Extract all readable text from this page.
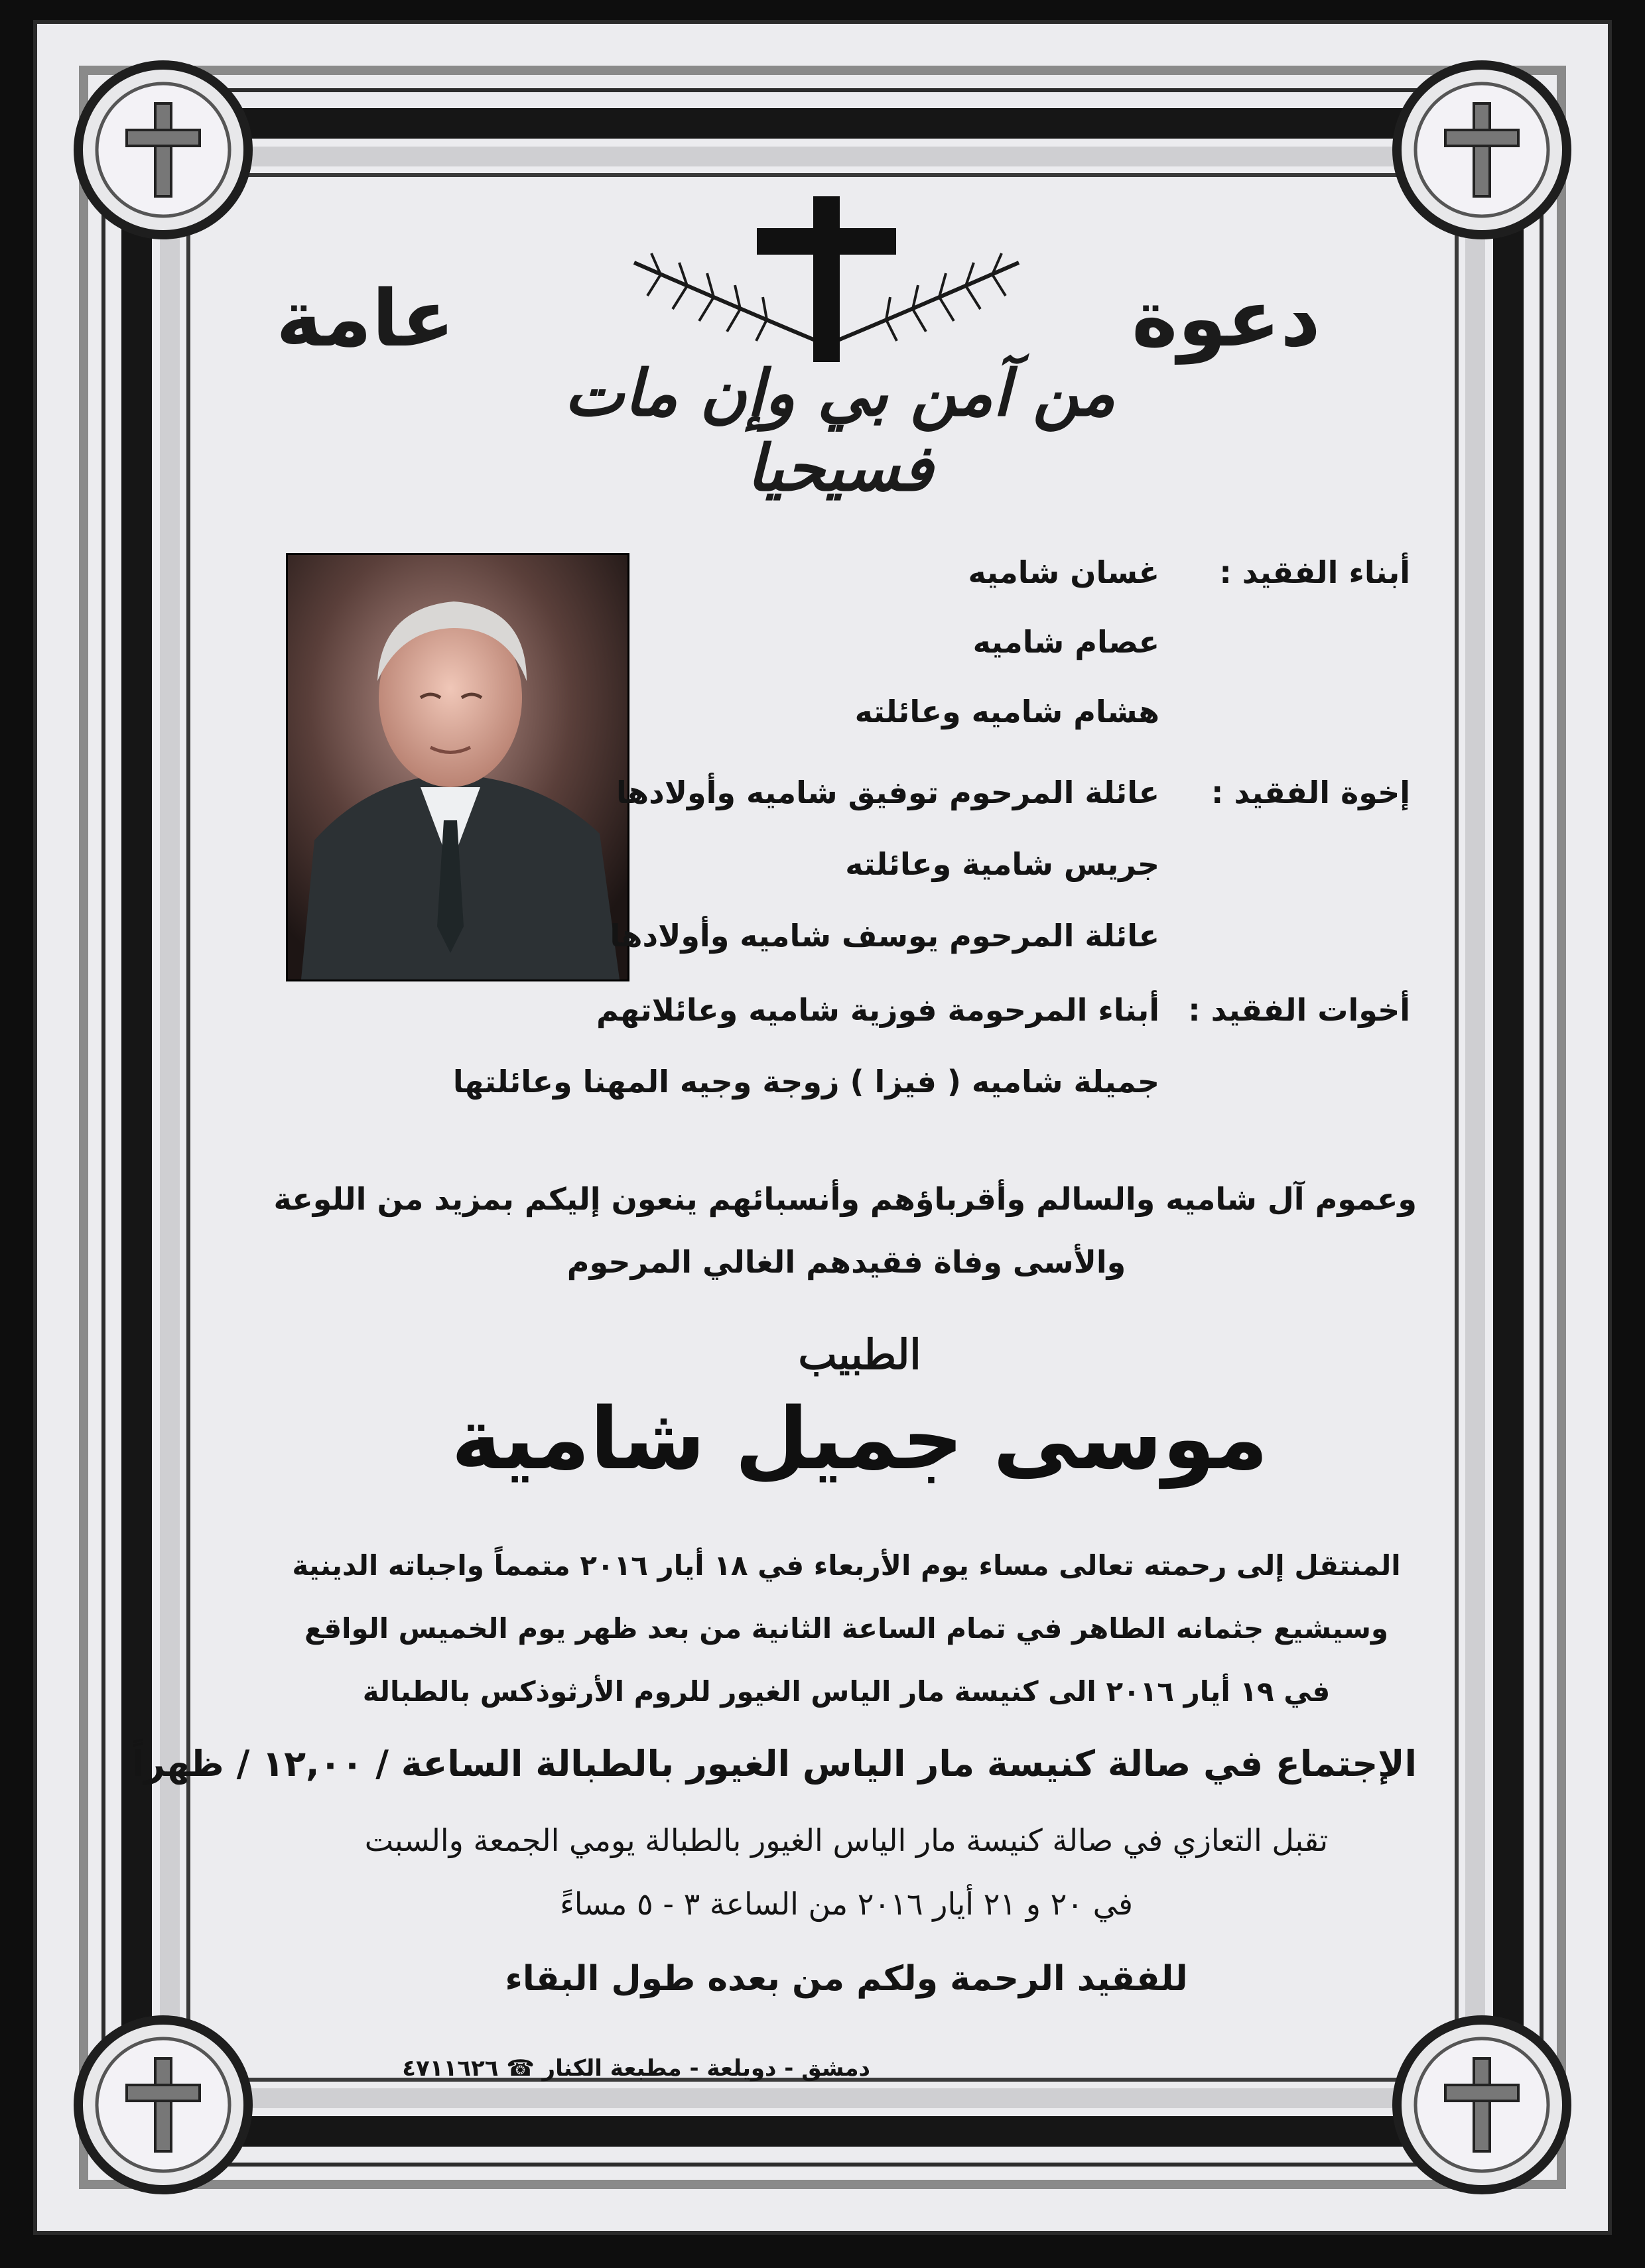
دعوة
عامة
من آمن بي وإن مات فسيحيا
أبناء الفقيد :
غسان شاميه
عصام شاميه
هشام شاميه وعائلته
إخوة الفقيد :
عائلة المرحوم توفيق شاميه وأولادها
جريس شامية وعائلته
عائلة المرحوم يوسف شاميه وأولادها
أخوات الفقيد :
أبناء المرحومة فوزية شاميه وعائلاتهم
جميلة شاميه ( فيزا ) زوجة وجيه المهنا وعائلتها
وعموم آل شاميه والسالم وأقرباؤهم وأنسبائهم ينعون إليكم بمزيد من اللوعة
والأسى وفاة فقيدهم الغالي المرحوم
الطبيب
موسى جميل شامية
المنتقل إلى رحمته تعالى مساء يوم الأربعاء في ١٨ أيار ٢٠١٦ متمماً واجباته الدينية
وسيشيع جثمانه الطاهر في تمام الساعة الثانية من بعد ظهر يوم الخميس الواقع
في ١٩ أيار ٢٠١٦ الى كنيسة مار الياس الغيور للروم الأرثوذكس بالطبالة
الإجتماع في صالة كنيسة مار الياس الغيور بالطبالة الساعة / ١٢,٠٠ / ظهراً
تقبل التعازي في صالة كنيسة مار الياس الغيور بالطبالة يومي الجمعة والسبت
في ٢٠ و ٢١ أيار ٢٠١٦ من الساعة ٣ - ٥ مساءً
للفقيد الرحمة ولكم من بعده طول البقاء
دمشق - دويلعة - مطبعة الكنار ☎ ٤٧١١٦٢٦
